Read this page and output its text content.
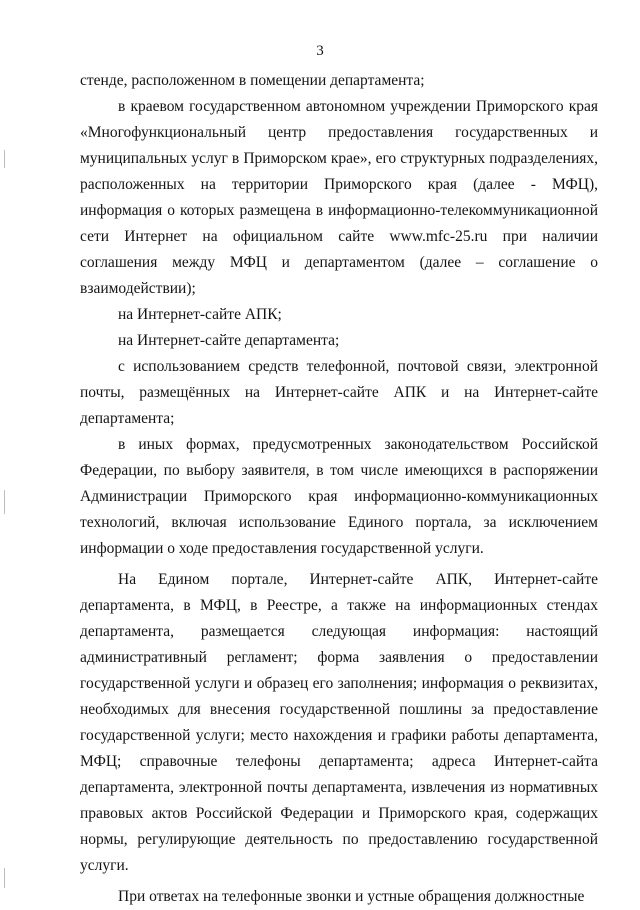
3

стенде, расположенном в помещении департамента;

в краевом государственном автономном учреждении Приморского края «Многофункциональный центр предоставления государственных и муниципальных услуг в Приморском крае», его структурных подразделениях, расположенных на территории Приморского края (далее - МФЦ), информация о которых размещена в информационно-телекоммуникационной сети Интернет на официальном сайте www.mfc-25.ru при наличии соглашения между МФЦ и департаментом (далее – соглашение о взаимодействии);

на Интернет-сайте АПК;

на Интернет-сайте департамента;

с использованием средств телефонной, почтовой связи, электронной почты, размещённых на Интернет-сайте АПК и на Интернет-сайте департамента;

в иных формах, предусмотренных законодательством Российской Федерации, по выбору заявителя, в том числе имеющихся в распоряжении Администрации Приморского края информационно-коммуникационных технологий, включая использование Единого портала, за исключением информации о ходе предоставления государственной услуги.

На Едином портале, Интернет-сайте АПК, Интернет-сайте департамента, в МФЦ, в Реестре, а также на информационных стендах департамента, размещается следующая информация: настоящий административный регламент; форма заявления о предоставлении государственной услуги и образец его заполнения; информация о реквизитах, необходимых для внесения государственной пошлины за предоставление государственной услуги; место нахождения и графики работы департамента, МФЦ; справочные телефоны департамента; адреса Интернет-сайта департамента, электронной почты департамента, извлечения из нормативных правовых актов Российской Федерации и Приморского края, содержащих нормы, регулирующие деятельность по предоставлению государственной услуги.

При ответах на телефонные звонки и устные обращения должностные
